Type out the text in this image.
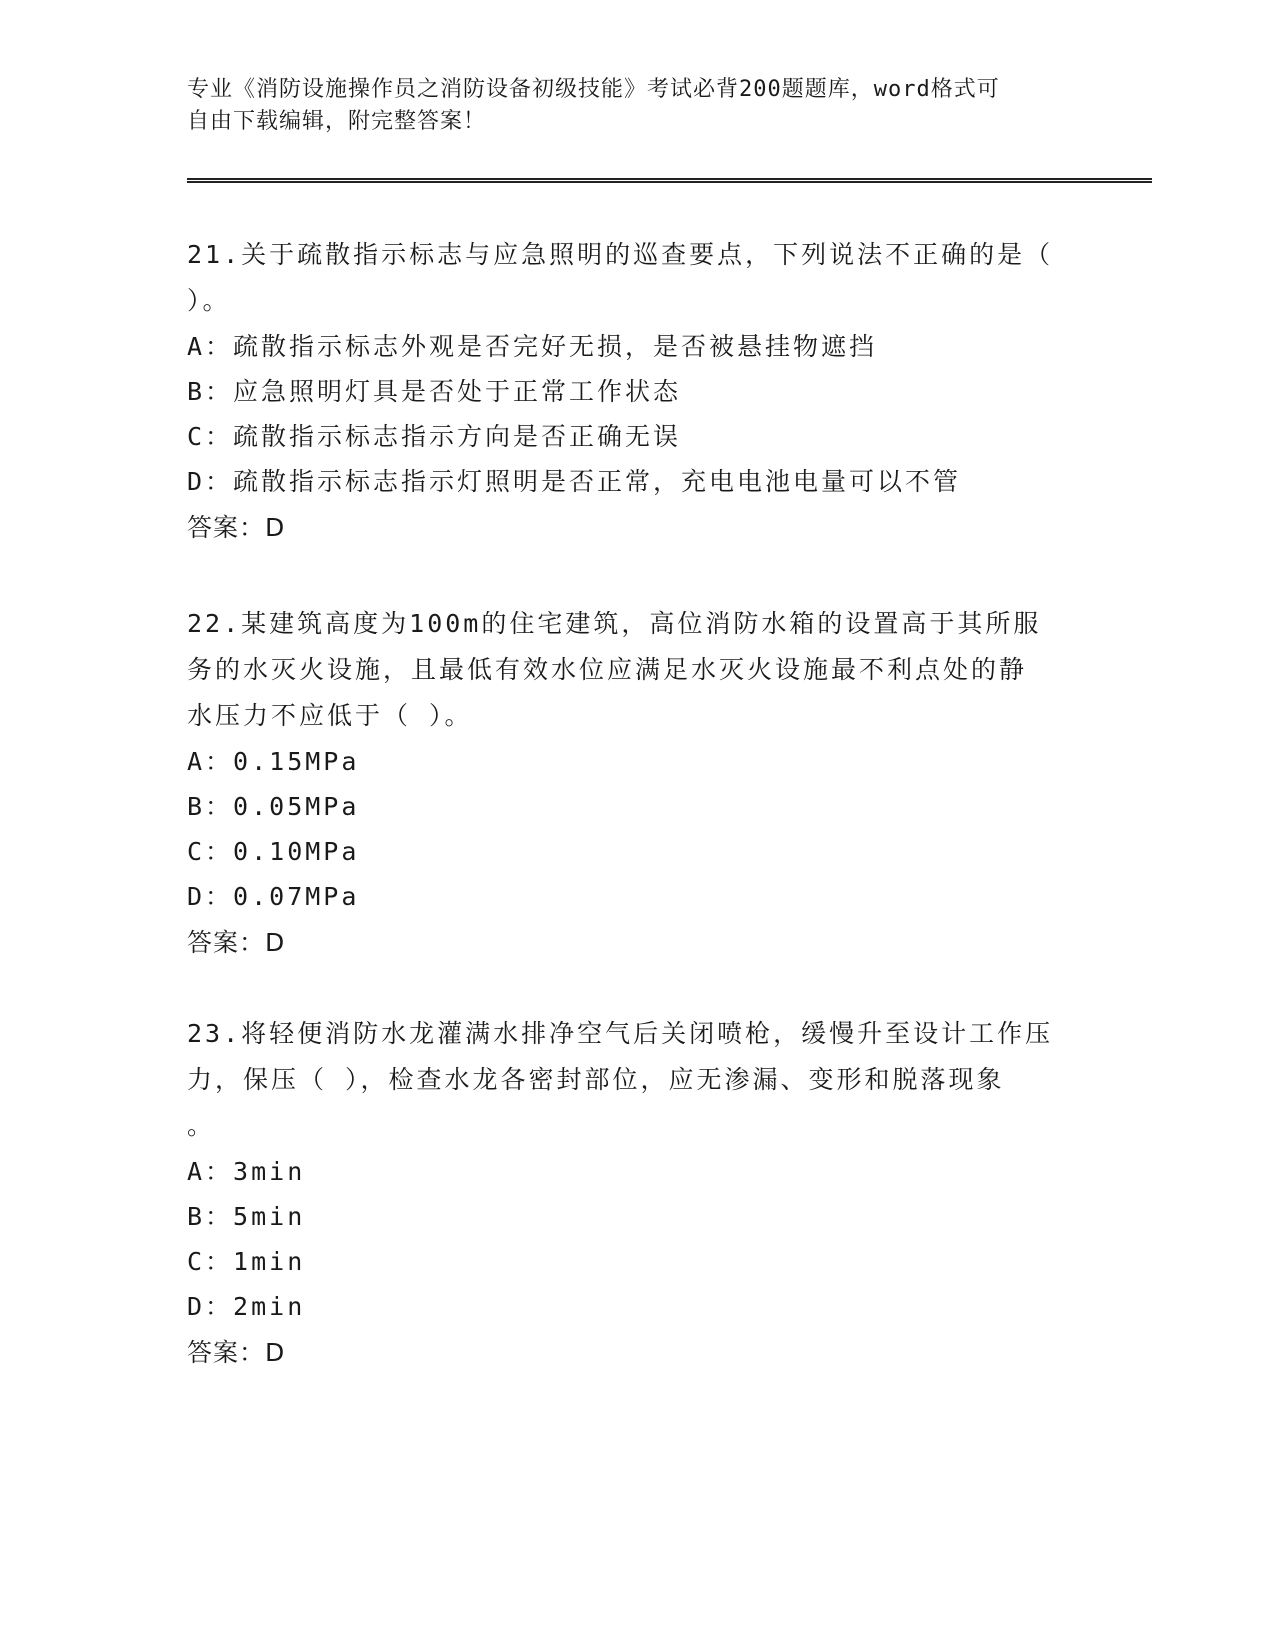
专业《消防设施操作员之消防设备初级技能》考试必背200题题库，word格式可
自由下载编辑，附完整答案！

21.关于疏散指示标志与应急照明的巡查要点，下列说法不正确的是（

）。

A：疏散指示标志外观是否完好无损，是否被悬挂物遮挡

B：应急照明灯具是否处于正常工作状态

C：疏散指示标志指示方向是否正确无误

D：疏散指示标志指示灯照明是否正常，充电电池电量可以不管

答案：D

22.某建筑高度为100m的住宅建筑，高位消防水箱的设置高于其所服

务的水灭火设施，且最低有效水位应满足水灭火设施最不利点处的静

水压力不应低于（ ）。

A：0.15MPa

B：0.05MPa

C：0.10MPa

D：0.07MPa

答案：D

23.将轻便消防水龙灌满水排净空气后关闭喷枪，缓慢升至设计工作压

力，保压（ ），检查水龙各密封部位，应无渗漏、变形和脱落现象

。

A：3min

B：5min

C：1min

D：2min

答案：D
